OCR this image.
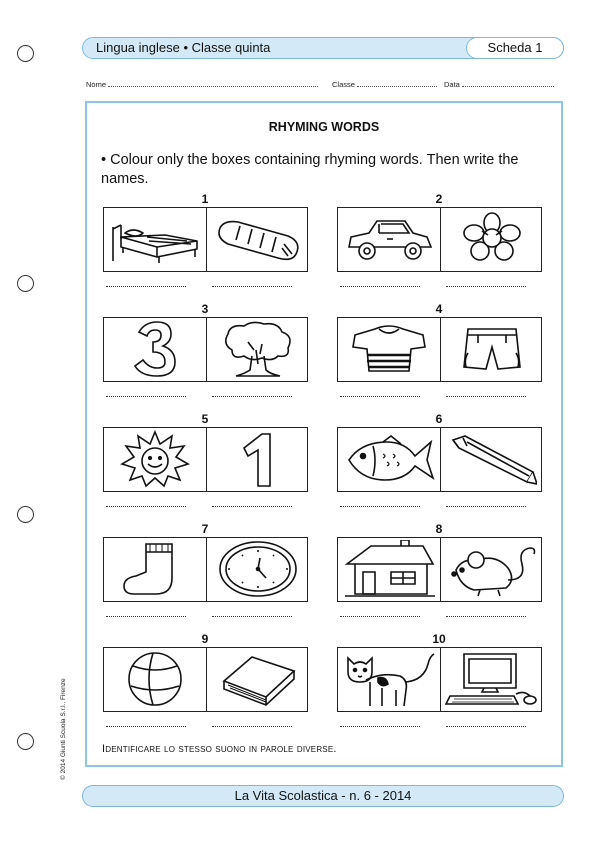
Lingua inglese • Classe quinta	Scheda 1
Nome	Classe	Data
RHYMING WORDS
• Colour only the boxes containing rhyming words. Then write the names.
1	2
3	4
5	6
7	8
9	10
Identificare lo stesso suono in parole diverse.
La Vita Scolastica - n. 6 - 2014
© 2014 Giunti Scuola S.r.l., Firenze
